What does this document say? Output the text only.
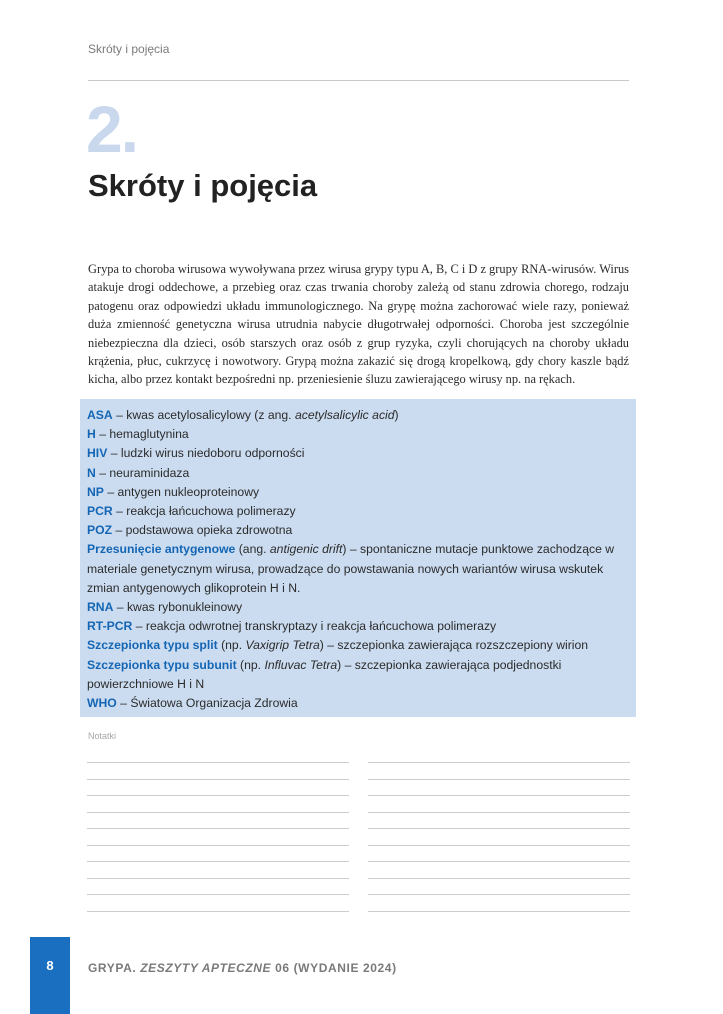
Skróty i pojęcia
2.
Skróty i pojęcia
Grypa to choroba wirusowa wywoływana przez wirusa grypy typu A, B, C i D z grupy RNA-wirusów. Wirus atakuje drogi oddechowe, a przebieg oraz czas trwania choroby zależą od stanu zdrowia chorego, rodzaju patogenu oraz odpowiedzi układu immunologicznego. Na grypę można zachorować wiele razy, ponieważ duża zmienność genetyczna wirusa utrudnia nabycie długotrwałej odporności. Choroba jest szczególnie niebezpieczna dla dzieci, osób starszych oraz osób z grup ryzyka, czyli chorujących na choroby układu krążenia, płuc, cukrzycę i nowotwory. Grypą można zakazić się drogą kropelkową, gdy chory kaszle bądź kicha, albo przez kontakt bezpośredni np. przeniesienie śluzu zawierającego wirusy np. na rękach.
ASA – kwas acetylosalicylowy (z ang. acetylsalicylic acid)
H – hemaglutynina
HIV – ludzki wirus niedoboru odporności
N – neuraminidaza
NP – antygen nukleoproteinowy
PCR – reakcja łańcuchowa polimerazy
POZ – podstawowa opieka zdrowotna
Przesunięcie antygenowe (ang. antigenic drift) – spontaniczne mutacje punktowe zachodzące w materiale genetycznym wirusa, prowadzące do powstawania nowych wariantów wirusa wskutek zmian antygenowych glikoprotein H i N.
RNA – kwas rybonukleinowy
RT-PCR – reakcja odwrotnej transkryptazy i reakcja łańcuchowa polimerazy
Szczepionka typu split (np. Vaxigrip Tetra) – szczepionka zawierająca rozszczepiony wirion
Szczepionka typu subunit (np. Influvac Tetra) – szczepionka zawierająca podjednostki powierzchniowe H i N
WHO – Światowa Organizacja Zdrowia
Notatki
8	GRYPA. ZESZYTY APTECZNE 06 (WYDANIE 2024)
